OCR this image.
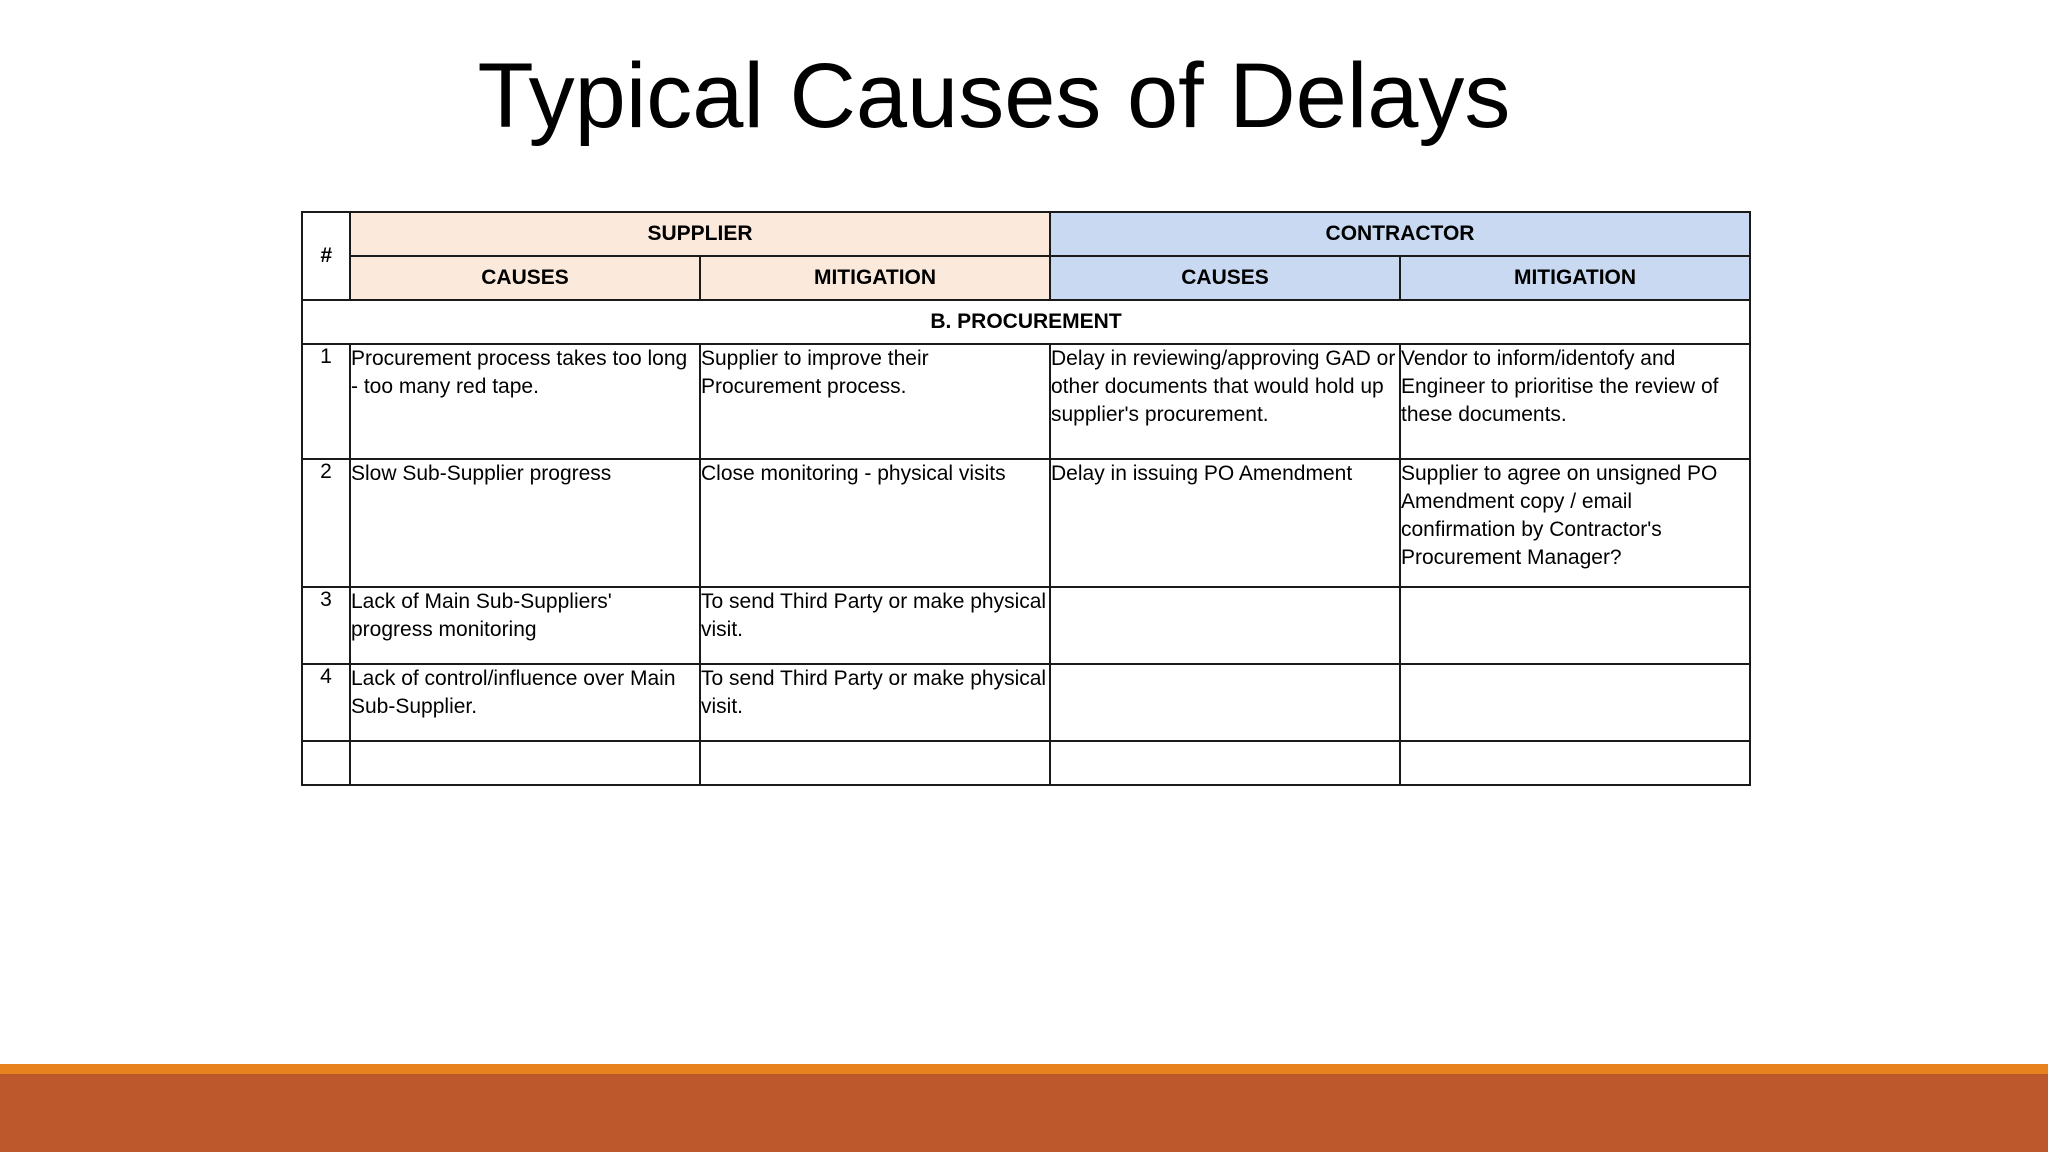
Typical Causes of Delays
#	SUPPLIER		CONTRACTOR	
	CAUSES	MITIGATION	CAUSES	MITIGATION
B. PROCUREMENT				
1	Procurement process takes too long - too many red tape.	Supplier to improve their Procurement process.	Delay in reviewing/approving GAD or other documents that would hold up supplier's procurement.	Vendor to inform/identofy and Engineer to prioritise the review of these documents.
2	Slow Sub-Supplier progress	Close monitoring - physical visits	Delay in issuing PO Amendment	Supplier to agree on unsigned PO Amendment copy / email confirmation by Contractor's Procurement Manager?
3	Lack of Main Sub-Suppliers' progress monitoring	To send Third Party or make physical visit.		
4	Lack of control/influence over Main Sub-Supplier.	To send Third Party or make physical visit.		
